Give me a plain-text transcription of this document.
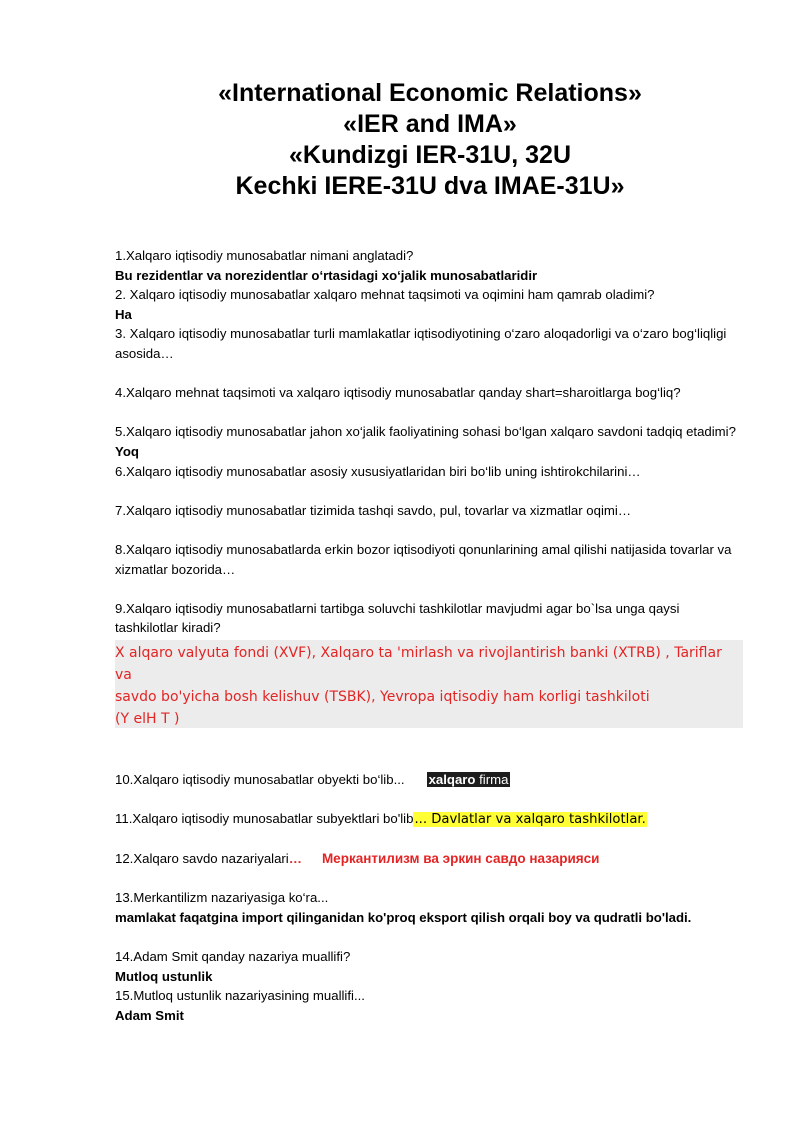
«International Economic Relations»
«IER and IMA»
«Kundizgi IER-31U, 32U
Kechki IERE-31U dva IMAE-31U»

1.Xalqaro iqtisodiy munosabatlar nimani anglatadi?

Bu rezidentlar va norezidentlar o‘rtasidagi xo‘jalik munosabatlaridir

2. Xalqaro iqtisodiy munosabatlar xalqaro mehnat taqsimoti va oqimini ham qamrab oladimi?

Ha

3. Xalqaro iqtisodiy munosabatlar turli mamlakatlar iqtisodiyotining o‘zaro aloqadorligi va o‘zaro bog‘liqligi asosida…

4.Xalqaro mehnat taqsimoti va xalqaro iqtisodiy munosabatlar qanday shart=sharoitlarga bog‘liq?

5.Xalqaro iqtisodiy munosabatlar jahon xo‘jalik faoliyatining sohasi bo‘lgan xalqaro savdoni tadqiq etadimi?

Yoq

6.Xalqaro iqtisodiy munosabatlar asosiy xususiyatlaridan biri bo‘lib uning ishtirokchilarini…

7.Xalqaro iqtisodiy munosabatlar tizimida tashqi savdo, pul, tovarlar va xizmatlar oqimi…

8.Xalqaro iqtisodiy munosabatlarda erkin bozor iqtisodiyoti qonunlarining amal qilishi natijasida tovarlar va xizmatlar bozorida…

9.Xalqaro iqtisodiy munosabatlarni tartibga soluvchi tashkilotlar mavjudmi agar bo`lsa unga qaysi tashkilotlar kiradi?

X alqaro valyuta fondi (XVF), Xalqaro ta 'mirlash va rivojlantirish banki (XTRB) , Tariflar va
savdo bo'yicha bosh kelishuv (TSBK), Yevropa iqtisodiy ham korligi tashkiloti
(Y elH T )

10.Xalqaro iqtisodiy munosabatlar obyekti bo‘lib... xalqaro firma

11.Xalqaro iqtisodiy munosabatlar subyektlari bo'lib... Davlatlar va xalqaro tashkilotlar.

12.Xalqaro savdo nazariyalari… Меркантилизм ва эркин савдо назарияси

13.Merkantilizm nazariyasiga ko‘ra...

mamlakat faqatgina import qilinganidan ko'proq eksport qilish orqali boy va qudratli bo'ladi.

14.Adam Smit qanday nazariya muallifi?

Mutloq ustunlik

15.Mutloq ustunlik nazariyasining muallifi...

Adam Smit
